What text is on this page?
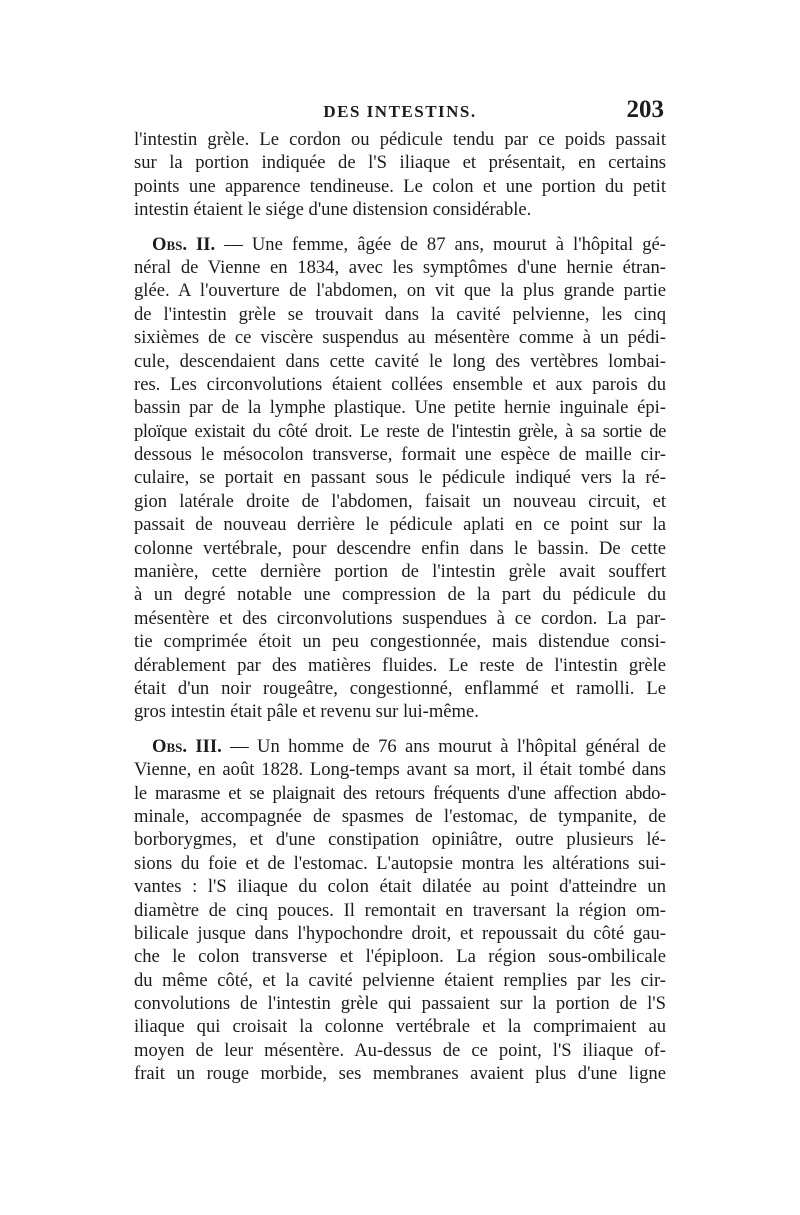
DES INTESTINS.	203
l'intestin grèle. Le cordon ou pédicule tendu par ce poids passait
sur la portion indiquée de l'S iliaque et présentait, en certains
points une apparence tendineuse. Le colon et une portion du petit
intestin étaient le siége d'une distension considérable.
Obs. II. — Une femme, âgée de 87 ans, mourut à l'hôpital gé-
néral de Vienne en 1834, avec les symptômes d'une hernie étran-
glée. A l'ouverture de l'abdomen, on vit que la plus grande partie
de l'intestin grèle se trouvait dans la cavité pelvienne, les cinq
sixièmes de ce viscère suspendus au mésentère comme à un pédi-
cule, descendaient dans cette cavité le long des vertèbres lombai-
res. Les circonvolutions étaient collées ensemble et aux parois du
bassin par de la lymphe plastique. Une petite hernie inguinale épi-
ploïque existait du côté droit. Le reste de l'intestin grèle, à sa sortie de
dessous le mésocolon transverse, formait une espèce de maille cir-
culaire, se portait en passant sous le pédicule indiqué vers la ré-
gion latérale droite de l'abdomen, faisait un nouveau circuit, et
passait de nouveau derrière le pédicule aplati en ce point sur la
colonne vertébrale, pour descendre enfin dans le bassin. De cette
manière, cette dernière portion de l'intestin grèle avait souffert
à un degré notable une compression de la part du pédicule du
mésentère et des circonvolutions suspendues à ce cordon. La par-
tie comprimée étoit un peu congestionnée, mais distendue consi-
dérablement par des matières fluides. Le reste de l'intestin grèle
était d'un noir rougeâtre, congestionné, enflammé et ramolli. Le
gros intestin était pâle et revenu sur lui-même.
Obs. III. — Un homme de 76 ans mourut à l'hôpital général de
Vienne, en août 1828. Long-temps avant sa mort, il était tombé dans
le marasme et se plaignait des retours fréquents d'une affection abdo-
minale, accompagnée de spasmes de l'estomac, de tympanite, de
borborygmes, et d'une constipation opiniâtre, outre plusieurs lé-
sions du foie et de l'estomac. L'autopsie montra les altérations sui-
vantes : l'S iliaque du colon était dilatée au point d'atteindre un
diamètre de cinq pouces. Il remontait en traversant la région om-
bilicale jusque dans l'hypochondre droit, et repoussait du côté gau-
che le colon transverse et l'épiploon. La région sous-ombilicale
du même côté, et la cavité pelvienne étaient remplies par les cir-
convolutions de l'intestin grèle qui passaient sur la portion de l'S
iliaque qui croisait la colonne vertébrale et la comprimaient au
moyen de leur mésentère. Au-dessus de ce point, l'S iliaque of-
frait un rouge morbide, ses membranes avaient plus d'une ligne
